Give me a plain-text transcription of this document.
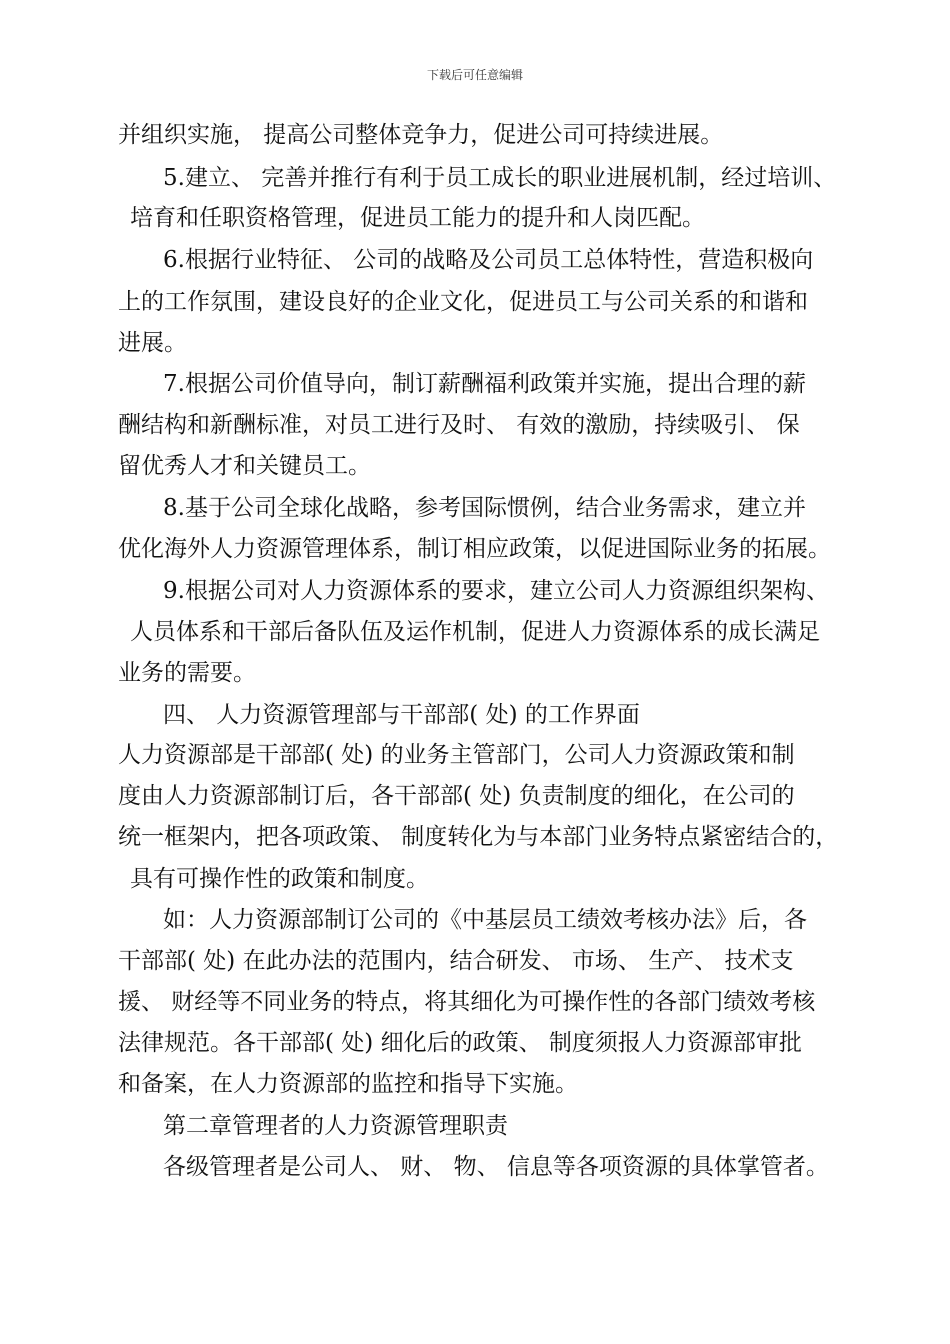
下载后可任意编辑
并组织实施， 提高公司整体竞争力，促进公司可持续进展。
5.建立、 完善并推行有利于员工成长的职业进展机制，经过培训、
培育和任职资格管理，促进员工能力的提升和人岗匹配。
6.根据行业特征、 公司的战略及公司员工总体特性，营造积极向
上的工作氛围，建设良好的企业文化，促进员工与公司关系的和谐和
进展。
7.根据公司价值导向，制订薪酬福利政策并实施，提出合理的薪
酬结构和新酬标准，对员工进行及时、 有效的激励，持续吸引、 保
留优秀人才和关键员工。
8.基于公司全球化战略，参考国际惯例，结合业务需求，建立并
优化海外人力资源管理体系，制订相应政策，以促进国际业务的拓展。
9.根据公司对人力资源体系的要求，建立公司人力资源组织架构、
人员体系和干部后备队伍及运作机制，促进人力资源体系的成长满足
业务的需要。
四、 人力资源管理部与干部部( 处) 的工作界面
人力资源部是干部部( 处) 的业务主管部门，公司人力资源政策和制
度由人力资源部制订后，各干部部( 处) 负责制度的细化，在公司的
统一框架内，把各项政策、 制度转化为与本部门业务特点紧密结合的，
具有可操作性的政策和制度。
如：人力资源部制订公司的《中基层员工绩效考核办法》后，各
干部部( 处) 在此办法的范围内，结合研发、 市场、 生产、 技术支
援、 财经等不同业务的特点，将其细化为可操作性的各部门绩效考核
法律规范。各干部部( 处) 细化后的政策、 制度须报人力资源部审批
和备案，在人力资源部的监控和指导下实施。
第二章管理者的人力资源管理职责
各级管理者是公司人、 财、 物、 信息等各项资源的具体掌管者。
